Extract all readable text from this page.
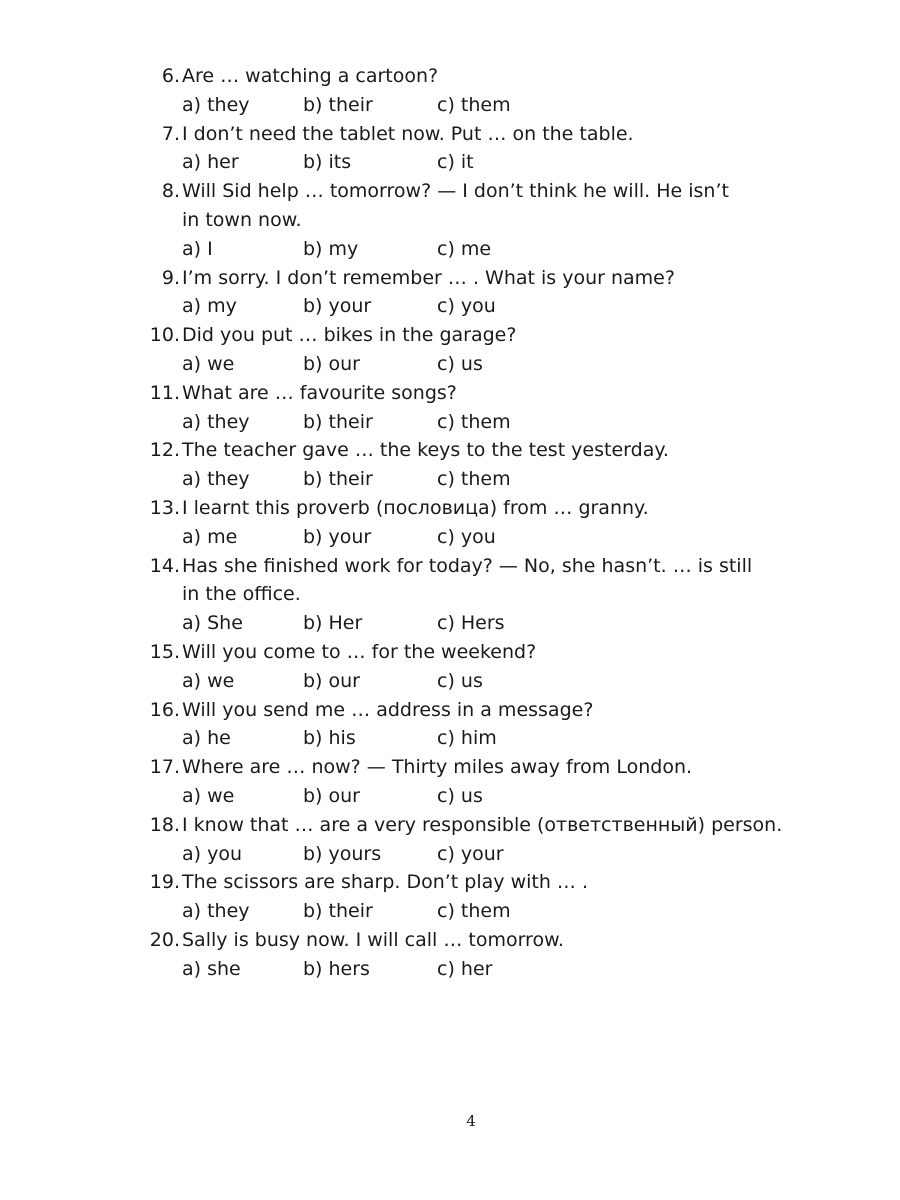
6. Are … watching a cartoon?
a) they	b) their	c) them
7. I don’t need the tablet now. Put … on the table.
a) her	b) its	c) it
8. Will Sid help … tomorrow? — I don’t think he will. He isn’t
in town now.
a) I	b) my	c) me
9. I’m sorry. I don’t remember … . What is your name?
a) my	b) your	c) you
10. Did you put … bikes in the garage?
a) we	b) our	c) us
11. What are … favourite songs?
a) they	b) their	c) them
12. The teacher gave … the keys to the test yesterday.
a) they	b) their	c) them
13. I learnt this proverb (пословица) from … granny.
a) me	b) your	c) you
14. Has she finished work for today? — No, she hasn’t. … is still
in the office.
a) She	b) Her	c) Hers
15. Will you come to … for the weekend?
a) we	b) our	c) us
16. Will you send me … address in a message?
a) he	b) his	c) him
17. Where are … now? — Thirty miles away from London.
a) we	b) our	c) us
18. I know that … are a very responsible (ответственный) person.
a) you	b) yours	c) your
19. The scissors are sharp. Don’t play with … .
a) they	b) their	c) them
20. Sally is busy now. I will call … tomorrow.
a) she	b) hers	c) her
4
